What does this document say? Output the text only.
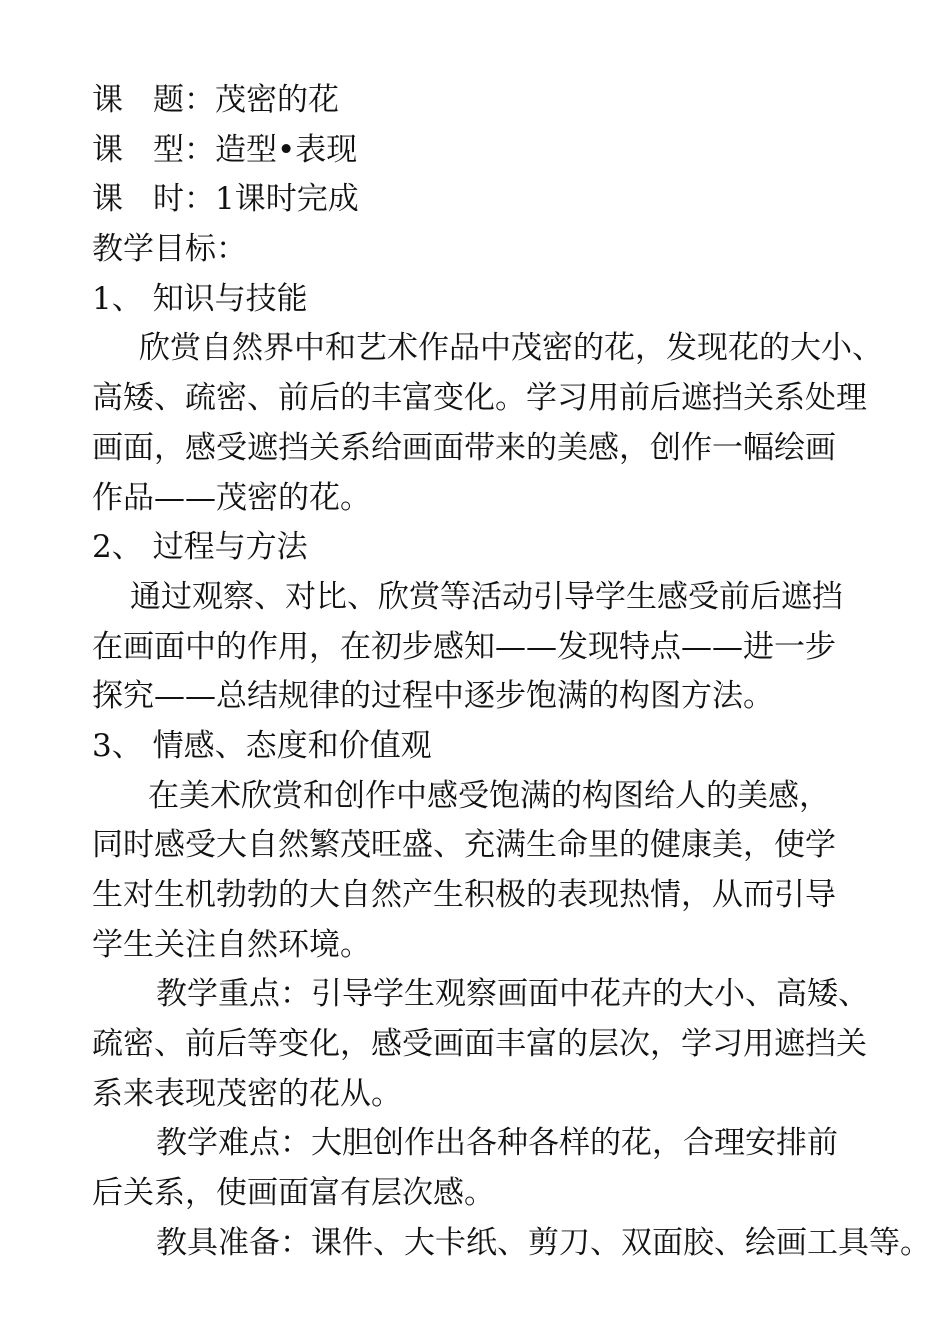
课 题：茂密的花
课 型：造型•表现
课 时：1课时完成
教学目标：
1、 知识与技能
欣赏自然界中和艺术作品中茂密的花，发现花的大小、
高矮、疏密、前后的丰富变化。学习用前后遮挡关系处理
画面，感受遮挡关系给画面带来的美感，创作一幅绘画
作品——茂密的花。
2、 过程与方法
通过观察、对比、欣赏等活动引导学生感受前后遮挡
在画面中的作用，在初步感知——发现特点——进一步
探究——总结规律的过程中逐步饱满的构图方法。
3、 情感、态度和价值观
在美术欣赏和创作中感受饱满的构图给人的美感，
同时感受大自然繁茂旺盛、充满生命里的健康美，使学
生对生机勃勃的大自然产生积极的表现热情，从而引导
学生关注自然环境。
教学重点：引导学生观察画面中花卉的大小、高矮、
疏密、前后等变化，感受画面丰富的层次，学习用遮挡关
系来表现茂密的花从。
教学难点：大胆创作出各种各样的花，合理安排前
后关系，使画面富有层次感。
教具准备：课件、大卡纸、剪刀、双面胶、绘画工具等。
